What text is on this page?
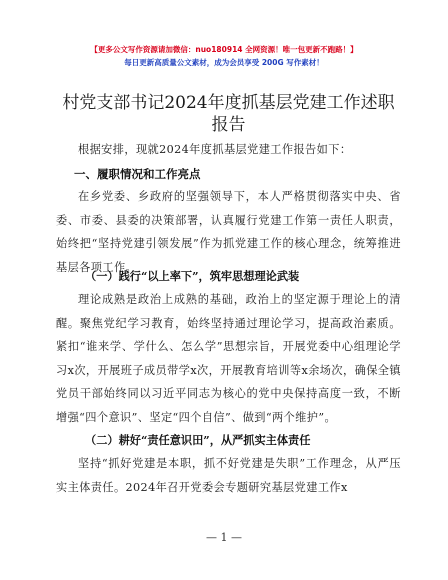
【更多公文写作资源请加微信：nuo180914 全网资源！唯一包更新不跑路！】
每日更新高质量公文素材，成为会员享受 200G 写作素材！
村党支部书记2024年度抓基层党建工作述职报告
根据安排，现就2024年度抓基层党建工作报告如下：
一、履职情况和工作亮点
在乡党委、乡政府的坚强领导下，本人严格贯彻落实中央、省委、市委、县委的决策部署，认真履行党建工作第一责任人职责，始终把“坚持党建引领发展”作为抓党建工作的核心理念，统筹推进基层各项工作。
（一）践行“以上率下”，筑牢思想理论武装
理论成熟是政治上成熟的基础，政治上的坚定源于理论上的清醒。聚焦党纪学习教育，始终坚持通过理论学习，提高政治素质。紧扣“谁来学、学什么、怎么学”思想宗旨，开展党委中心组理论学习x次，开展班子成员带学x次，开展教育培训等x余场次，确保全镇党员干部始终同以习近平同志为核心的党中央保持高度一致，不断增强“四个意识”、坚定“四个自信”、做到“两个维护”。
（二）耕好“责任意识田”，从严抓实主体责任
坚持“抓好党建是本职，抓不好党建是失职”工作理念，从严压实主体责任。2024年召开党委会专题研究基层党建工作x
— 1 —
